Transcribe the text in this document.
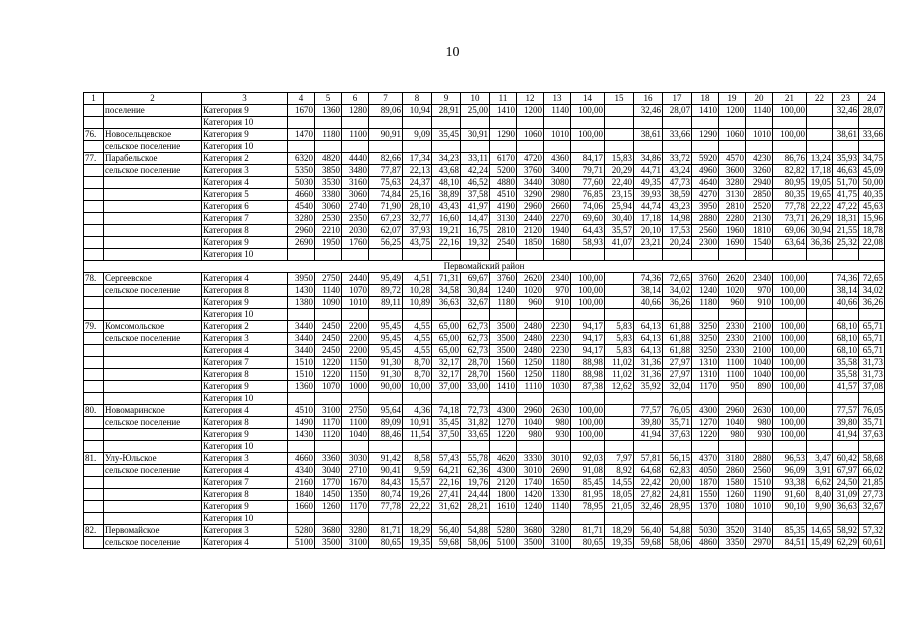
10
1	2	3	4	5	6	7	8	9	10	11	12	13	14	15	16	17	18	19	20	21	22	23	24
	поселение	Категория 9	1670	1360	1280	89,06	10,94	28,91	25,00	1410	1200	1140	100,00		32,46	28,07	1410	1200	1140	100,00		32,46	28,07
		Категория 10																					
76.	Новосельцевское	Категория 9	1470	1180	1100	90,91	9,09	35,45	30,91	1290	1060	1010	100,00		38,61	33,66	1290	1060	1010	100,00		38,61	33,66
	сельское поселение	Категория 10																					
77.	Парабельское	Категория 2	6320	4820	4440	82,66	17,34	34,23	33,11	6170	4720	4360	84,17	15,83	34,86	33,72	5920	4570	4230	86,76	13,24	35,93	34,75
	сельское поселение	Категория 3	5350	3850	3480	77,87	22,13	43,68	42,24	5200	3760	3400	79,71	20,29	44,71	43,24	4960	3600	3260	82,82	17,18	46,63	45,09
		Категория 4	5030	3530	3160	75,63	24,37	48,10	46,52	4880	3440	3080	77,60	22,40	49,35	47,73	4640	3280	2940	80,95	19,05	51,70	50,00
		Категория 5	4660	3380	3060	74,84	25,16	38,89	37,58	4510	3290	2980	76,85	23,15	39,93	38,59	4270	3130	2850	80,35	19,65	41,75	40,35
		Категория 6	4540	3060	2740	71,90	28,10	43,43	41,97	4190	2960	2660	74,06	25,94	44,74	43,23	3950	2810	2520	77,78	22,22	47,22	45,63
		Категория 7	3280	2530	2350	67,23	32,77	16,60	14,47	3130	2440	2270	69,60	30,40	17,18	14,98	2880	2280	2130	73,71	26,29	18,31	15,96
		Категория 8	2960	2210	2030	62,07	37,93	19,21	16,75	2810	2120	1940	64,43	35,57	20,10	17,53	2560	1960	1810	69,06	30,94	21,55	18,78
		Категория 9	2690	1950	1760	56,25	43,75	22,16	19,32	2540	1850	1680	58,93	41,07	23,21	20,24	2300	1690	1540	63,64	36,36	25,32	22,08
		Категория 10																					
Первомайский район																							
78.	Сергеевское	Категория 4	3950	2750	2440	95,49	4,51	71,31	69,67	3760	2620	2340	100,00		74,36	72,65	3760	2620	2340	100,00		74,36	72,65
	сельское поселение	Категория 8	1430	1140	1070	89,72	10,28	34,58	30,84	1240	1020	970	100,00		38,14	34,02	1240	1020	970	100,00		38,14	34,02
		Категория 9	1380	1090	1010	89,11	10,89	36,63	32,67	1180	960	910	100,00		40,66	36,26	1180	960	910	100,00		40,66	36,26
		Категория 10																					
79.	Комсомольское	Категория 2	3440	2450	2200	95,45	4,55	65,00	62,73	3500	2480	2230	94,17	5,83	64,13	61,88	3250	2330	2100	100,00		68,10	65,71
	сельское поселение	Категория 3	3440	2450	2200	95,45	4,55	65,00	62,73	3500	2480	2230	94,17	5,83	64,13	61,88	3250	2330	2100	100,00		68,10	65,71
		Категория 4	3440	2450	2200	95,45	4,55	65,00	62,73	3500	2480	2230	94,17	5,83	64,13	61,88	3250	2330	2100	100,00		68,10	65,71
		Категория 7	1510	1220	1150	91,30	8,70	32,17	28,70	1560	1250	1180	88,98	11,02	31,36	27,97	1310	1100	1040	100,00		35,58	31,73
		Категория 8	1510	1220	1150	91,30	8,70	32,17	28,70	1560	1250	1180	88,98	11,02	31,36	27,97	1310	1100	1040	100,00		35,58	31,73
		Категория 9	1360	1070	1000	90,00	10,00	37,00	33,00	1410	1110	1030	87,38	12,62	35,92	32,04	1170	950	890	100,00		41,57	37,08
		Категория 10																					
80.	Новомаринское	Категория 4	4510	3100	2750	95,64	4,36	74,18	72,73	4300	2960	2630	100,00		77,57	76,05	4300	2960	2630	100,00		77,57	76,05
	сельское поселение	Категория 8	1490	1170	1100	89,09	10,91	35,45	31,82	1270	1040	980	100,00		39,80	35,71	1270	1040	980	100,00		39,80	35,71
		Категория 9	1430	1120	1040	88,46	11,54	37,50	33,65	1220	980	930	100,00		41,94	37,63	1220	980	930	100,00		41,94	37,63
		Категория 10																					
81.	Улу-Юльское	Категория 3	4660	3360	3030	91,42	8,58	57,43	55,78	4620	3330	3010	92,03	7,97	57,81	56,15	4370	3180	2880	96,53	3,47	60,42	58,68
	сельское поселение	Категория 4	4340	3040	2710	90,41	9,59	64,21	62,36	4300	3010	2690	91,08	8,92	64,68	62,83	4050	2860	2560	96,09	3,91	67,97	66,02
		Категория 7	2160	1770	1670	84,43	15,57	22,16	19,76	2120	1740	1650	85,45	14,55	22,42	20,00	1870	1580	1510	93,38	6,62	24,50	21,85
		Категория 8	1840	1450	1350	80,74	19,26	27,41	24,44	1800	1420	1330	81,95	18,05	27,82	24,81	1550	1260	1190	91,60	8,40	31,09	27,73
		Категория 9	1660	1260	1170	77,78	22,22	31,62	28,21	1610	1240	1140	78,95	21,05	32,46	28,95	1370	1080	1010	90,10	9,90	36,63	32,67
		Категория 10																					
82.	Первомайское	Категория 3	5280	3680	3280	81,71	18,29	56,40	54,88	5280	3680	3280	81,71	18,29	56,40	54,88	5030	3520	3140	85,35	14,65	58,92	57,32
	сельское поселение	Категория 4	5100	3500	3100	80,65	19,35	59,68	58,06	5100	3500	3100	80,65	19,35	59,68	58,06	4860	3350	2970	84,51	15,49	62,29	60,61
